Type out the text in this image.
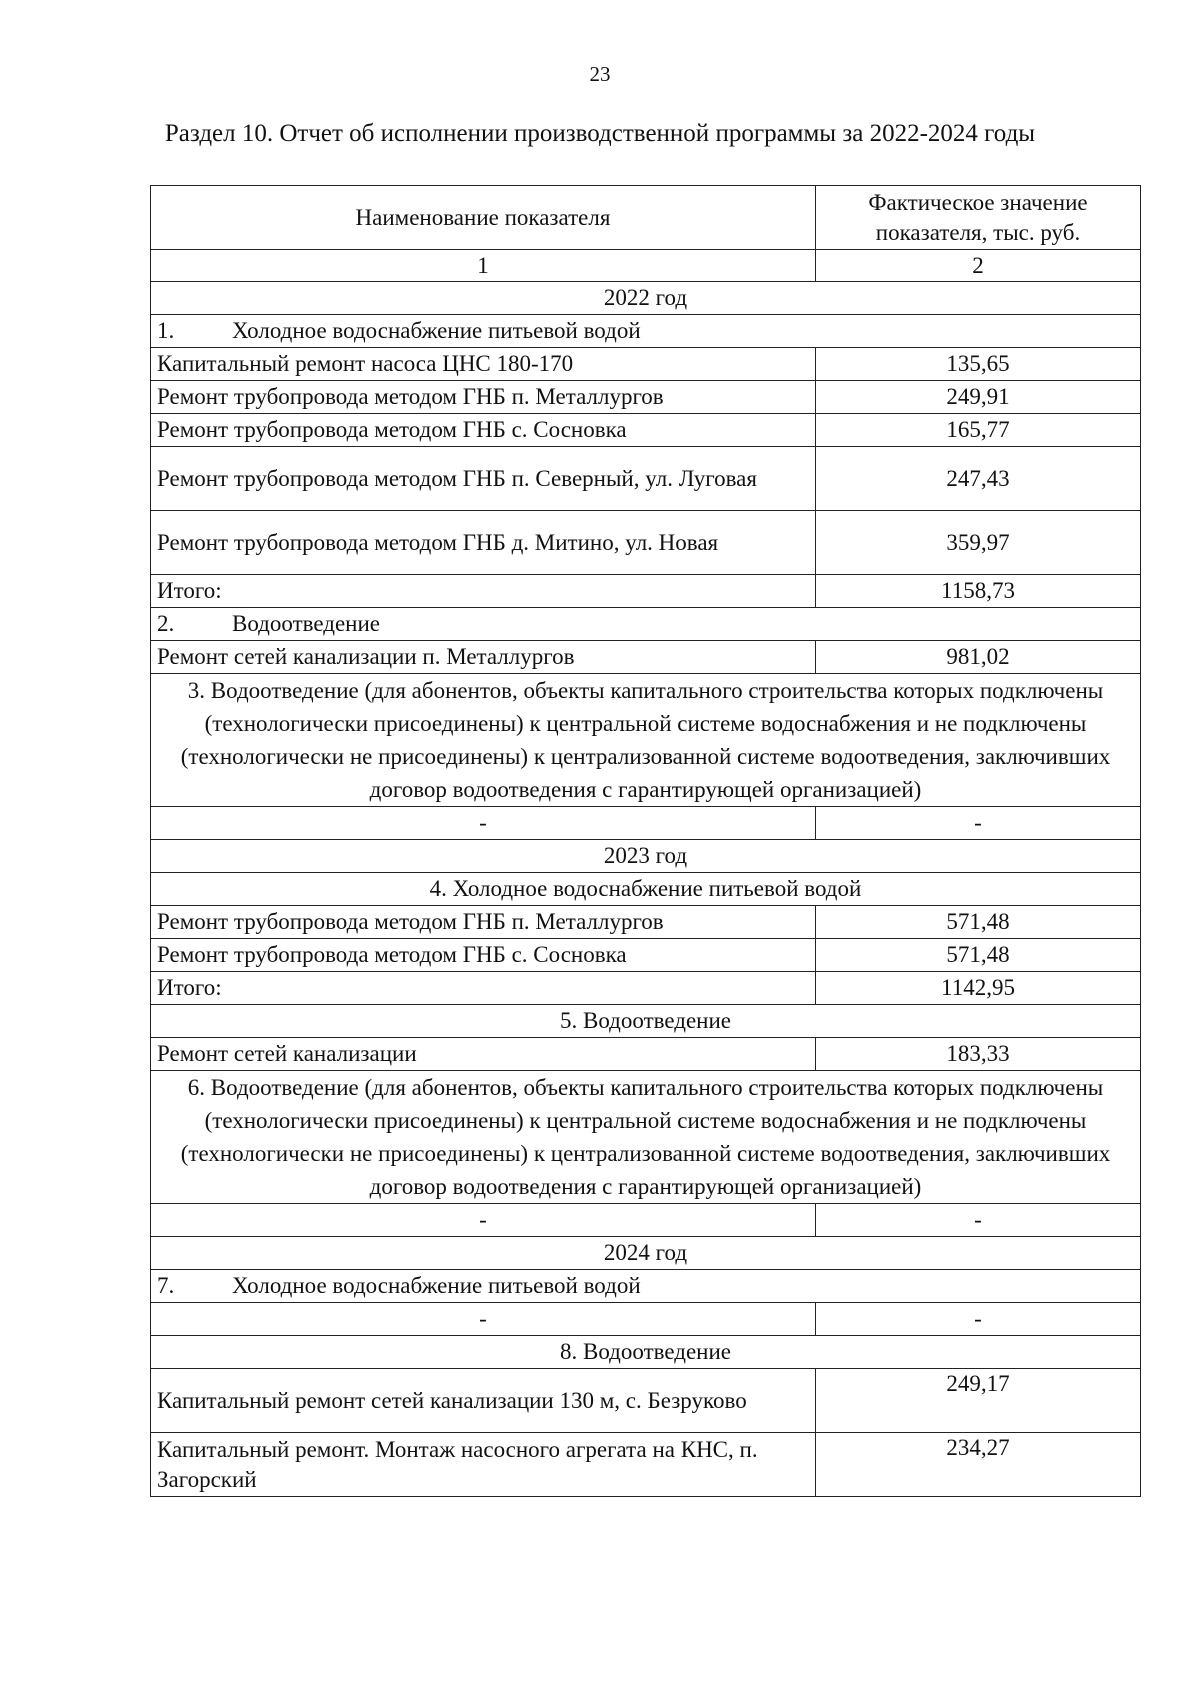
23
Раздел 10. Отчет об исполнении производственной программы за 2022-2024 годы
Наименование показателя	Фактическое значение показателя, тыс. руб.
1	2
2022 год	
1. Холодное водоснабжение питьевой водой	
Капитальный ремонт насоса ЦНС 180-170	135,65
Ремонт трубопровода методом ГНБ п. Металлургов	249,91
Ремонт трубопровода методом ГНБ с. Сосновка	165,77
Ремонт трубопровода методом ГНБ п. Северный, ул. Луговая	247,43
Ремонт трубопровода методом ГНБ д. Митино, ул. Новая	359,97
Итого:	1158,73
2. Водоотведение	
Ремонт сетей канализации п. Металлургов	981,02
3. Водоотведение (для абонентов, объекты капитального строительства которых подключены (технологически присоединены) к центральной системе водоснабжения и не подключены (технологически не присоединены) к централизованной системе водоотведения, заключивших договор водоотведения с гарантирующей организацией)	
-	-
2023 год	
4. Холодное водоснабжение питьевой водой	
Ремонт трубопровода методом ГНБ п. Металлургов	571,48
Ремонт трубопровода методом ГНБ с. Сосновка	571,48
Итого:	1142,95
5. Водоотведение	
Ремонт сетей канализации	183,33
6. Водоотведение (для абонентов, объекты капитального строительства которых подключены (технологически присоединены) к центральной системе водоснабжения и не подключены (технологически не присоединены) к централизованной системе водоотведения, заключивших договор водоотведения с гарантирующей организацией)	
-	-
2024 год	
7. Холодное водоснабжение питьевой водой	
-	-
8. Водоотведение	
Капитальный ремонт сетей канализации 130 м, с. Безруково	249,17
Капитальный ремонт. Монтаж насосного агрегата на КНС, п. Загорский	234,27
